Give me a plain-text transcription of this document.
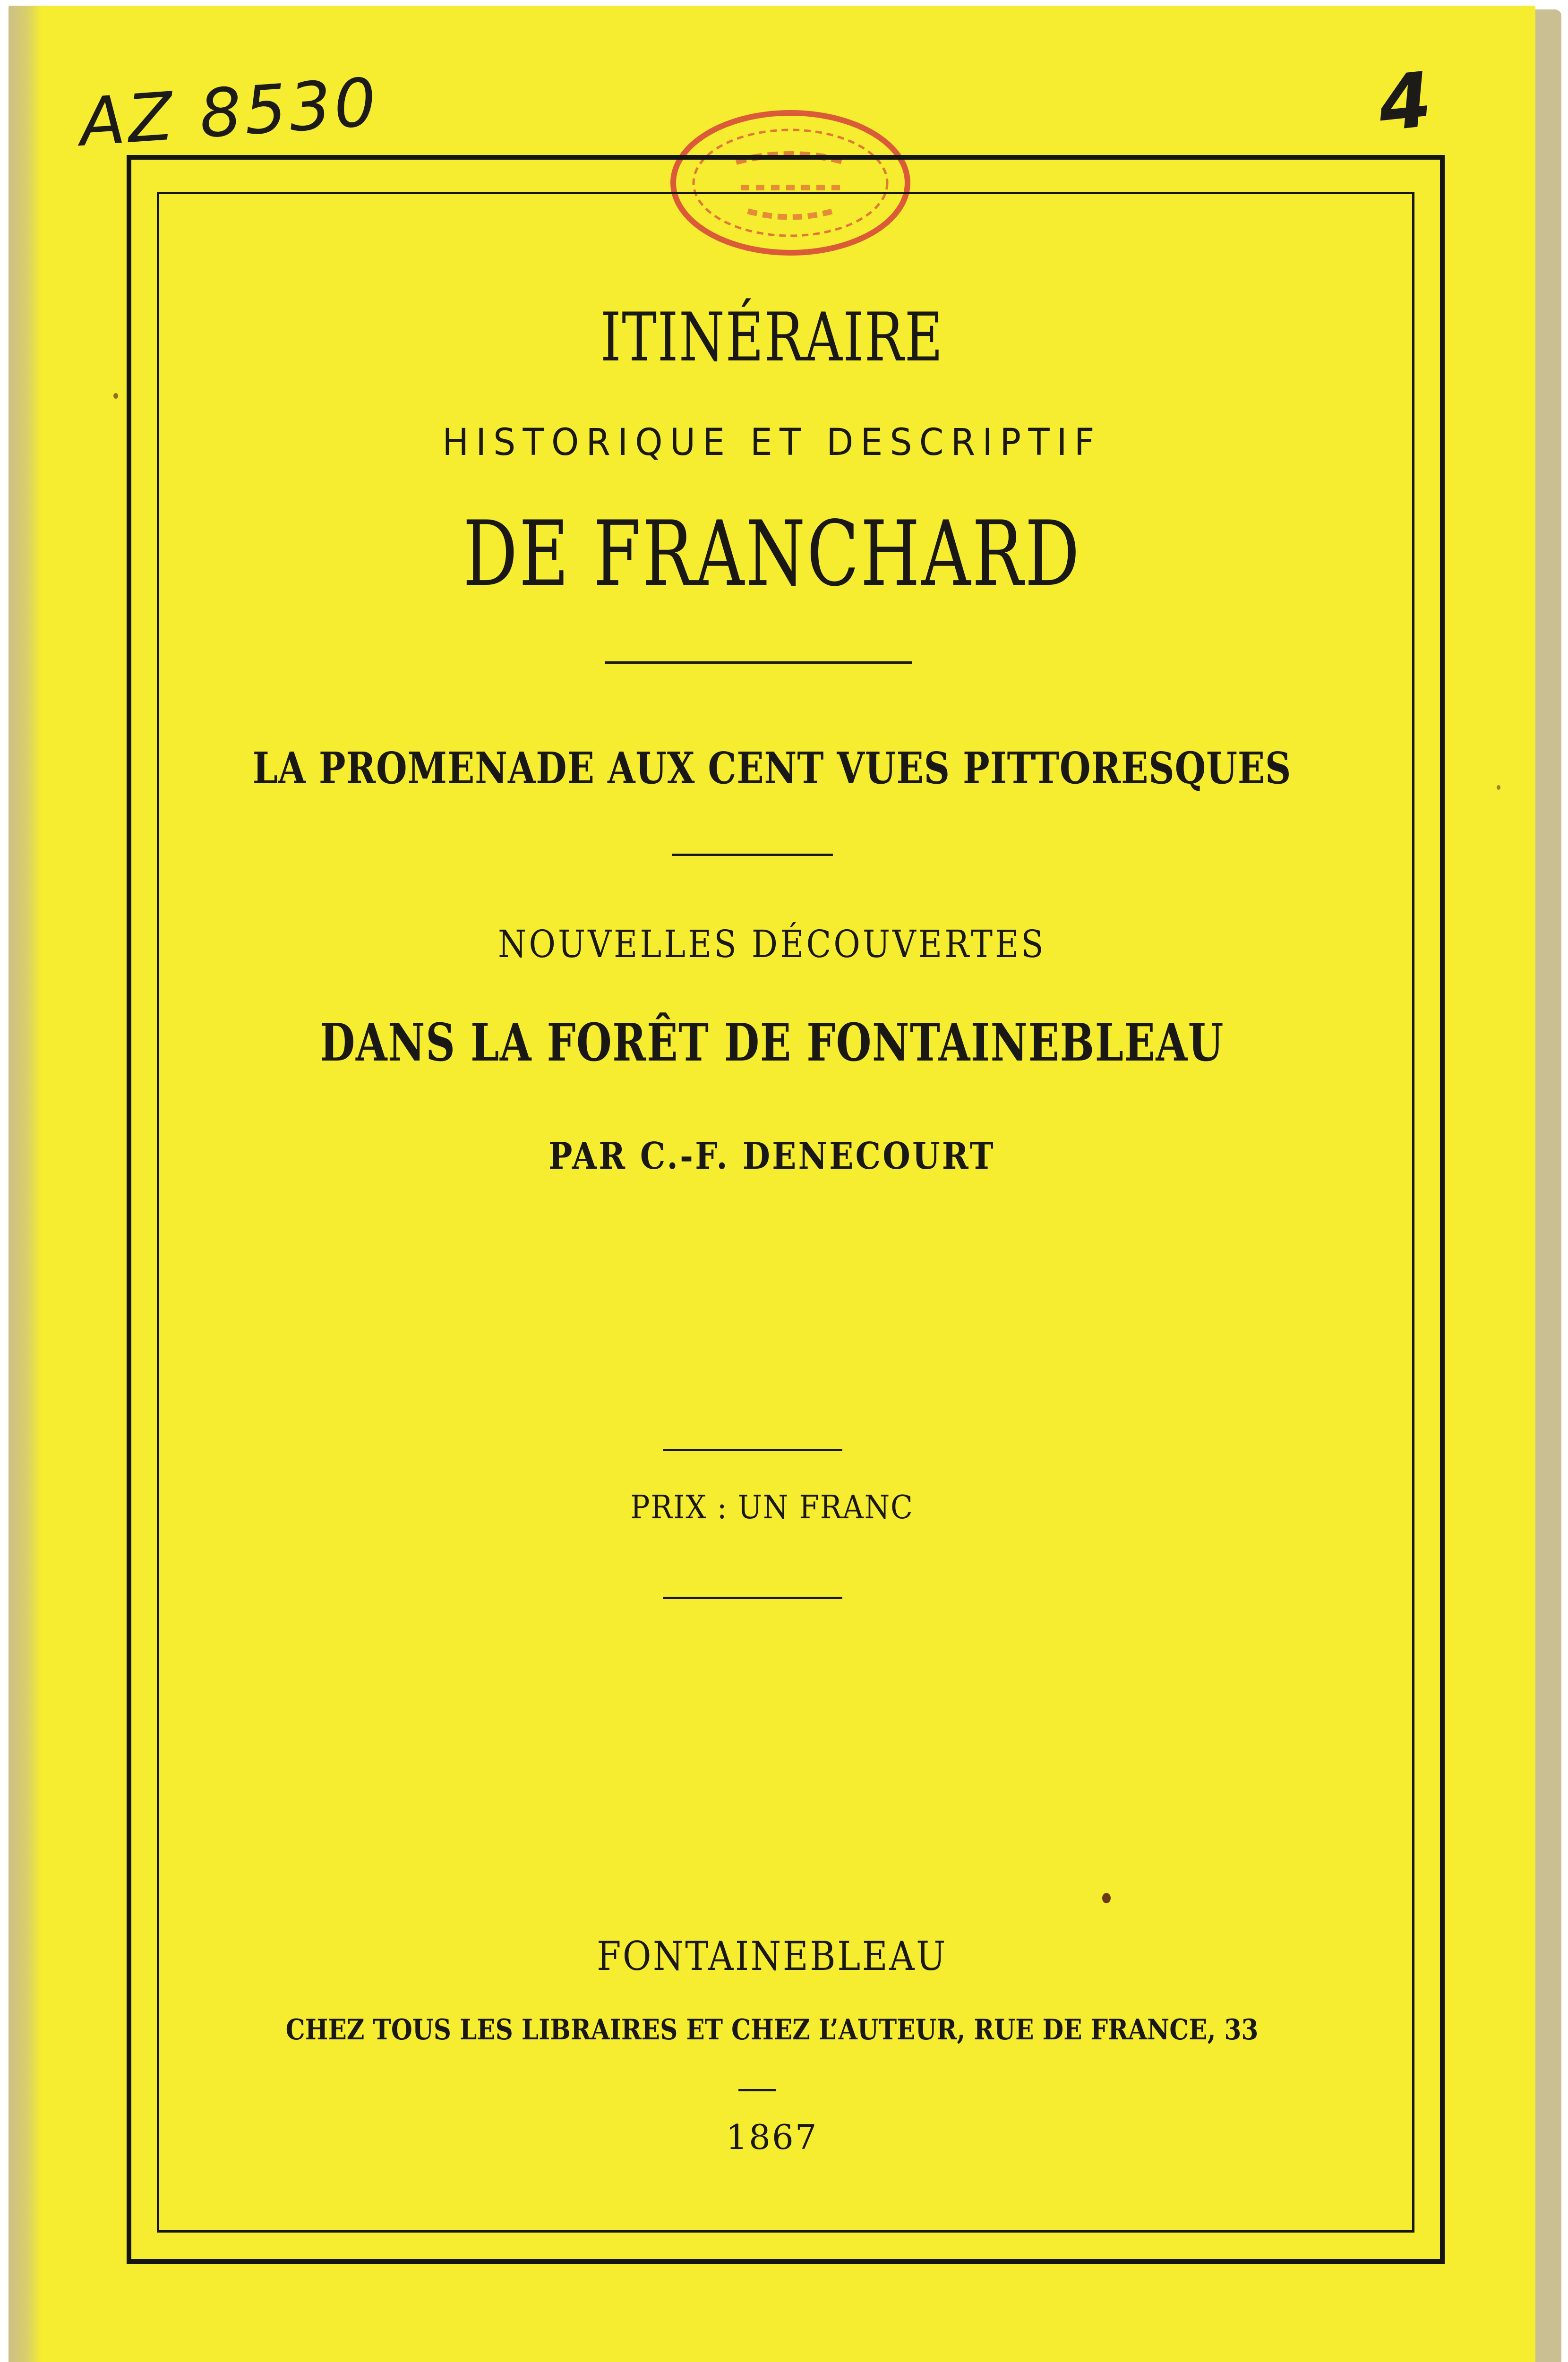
AZ 8530	4
ITINÉRAIRE
HISTORIQUE ET DESCRIPTIF
DE FRANCHARD
LA PROMENADE AUX CENT VUES PITTORESQUES
NOUVELLES DÉCOUVERTES
DANS LA FORÊT DE FONTAINEBLEAU
PAR C.-F. DENECOURT
PRIX : UN FRANC
FONTAINEBLEAU
CHEZ TOUS LES LIBRAIRES ET CHEZ L’AUTEUR, RUE DE FRANCE, 33
1867
